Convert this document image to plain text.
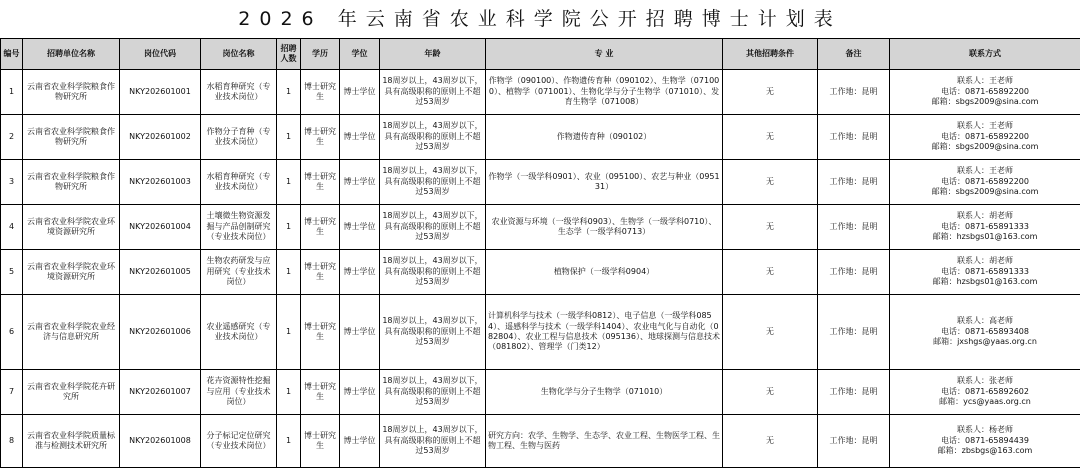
2026 年云南省农业科学院公开招聘博士计划表
编号	招聘单位名称	岗位代码	岗位名称	招聘人数	学历	学位	年龄	专 业	其他招聘条件	备注	联系方式
1	云南省农业科学院粮食作物研究所	NKY202601001	水稻育种研究（专业技术岗位）	1	博士研究生	博士学位	18周岁以上，43周岁以下，具有高级职称的原则上不超过53周岁	作物学（090100）、作物遗传育种（090102）、生物学（071000）、植物学（071001）、生物化学与分子生物学（071010）、发育生物学（071008）	无	工作地：昆明	联系人：王老师
电话：0871-65892200
邮箱：sbgs2009@sina.com

2	云南省农业科学院粮食作物研究所	NKY202601002	作物分子育种（专业技术岗位）	1	博士研究生	博士学位	18周岁以上，43周岁以下，具有高级职称的原则上不超过53周岁	作物遗传育种（090102）	无	工作地：昆明	联系人：王老师
电话：0871-65892200
邮箱：sbgs2009@sina.com

3	云南省农业科学院粮食作物研究所	NKY202601003	水稻育种研究（专业技术岗位）	1	博士研究生	博士学位	18周岁以上，43周岁以下，具有高级职称的原则上不超过53周岁	作物学（一级学科0901）、农业（095100）、农艺与种业（095131）	无	工作地：昆明	联系人：王老师
电话：0871-65892200
邮箱：sbgs2009@sina.com

4	云南省农业科学院农业环境资源研究所	NKY202601004	土壤微生物资源发掘与产品创制研究（专业技术岗位）	1	博士研究生	博士学位	18周岁以上，43周岁以下，具有高级职称的原则上不超过53周岁	农业资源与环境（一级学科0903）、生物学（一级学科0710）、生态学（一级学科0713）	无	工作地：昆明	联系人：胡老师
电话：0871-65891333
邮箱：hzsbgs01@163.com

5	云南省农业科学院农业环境资源研究所	NKY202601005	生物农药研发与应用研究（专业技术岗位）	1	博士研究生	博士学位	18周岁以上，43周岁以下，具有高级职称的原则上不超过53周岁	植物保护（一级学科0904）	无	工作地：昆明	联系人：胡老师
电话：0871-65891333
邮箱：hzsbgs01@163.com

6	云南省农业科学院农业经济与信息研究所	NKY202601006	农业遥感研究（专业技术岗位）	1	博士研究生	博士学位	18周岁以上，43周岁以下，具有高级职称的原则上不超过53周岁	计算机科学与技术（一级学科0812）、电子信息（一级学科0854）、遥感科学与技术（一级学科1404）、农业电气化与自动化（082804）、农业工程与信息技术（095136）、地球探测与信息技术（081802）、管理学（门类12）	无	工作地：昆明	联系人：高老师
电话：0871-65893408
邮箱：jxshgs@yaas.org.cn

7	云南省农业科学院花卉研究所	NKY202601007	花卉资源特性挖掘与应用（专业技术岗位）	1	博士研究生	博士学位	18周岁以上，43周岁以下，具有高级职称的原则上不超过53周岁	生物化学与分子生物学（071010）	无	工作地：昆明	联系人：张老师
电话：0871-65892602
邮箱：ycs@yaas.org.cn

8	云南省农业科学院质量标准与检测技术研究所	NKY202601008	分子标记定位研究（专业技术岗位）	1	博士研究生	博士学位	18周岁以上，43周岁以下，具有高级职称的原则上不超过53周岁	研究方向：农学、生物学、生态学、农业工程、生物医学工程、生物工程、生物与医药	无	工作地：昆明	联系人：杨老师
电话：0871-65894439
邮箱：zbsbgs@163.com
